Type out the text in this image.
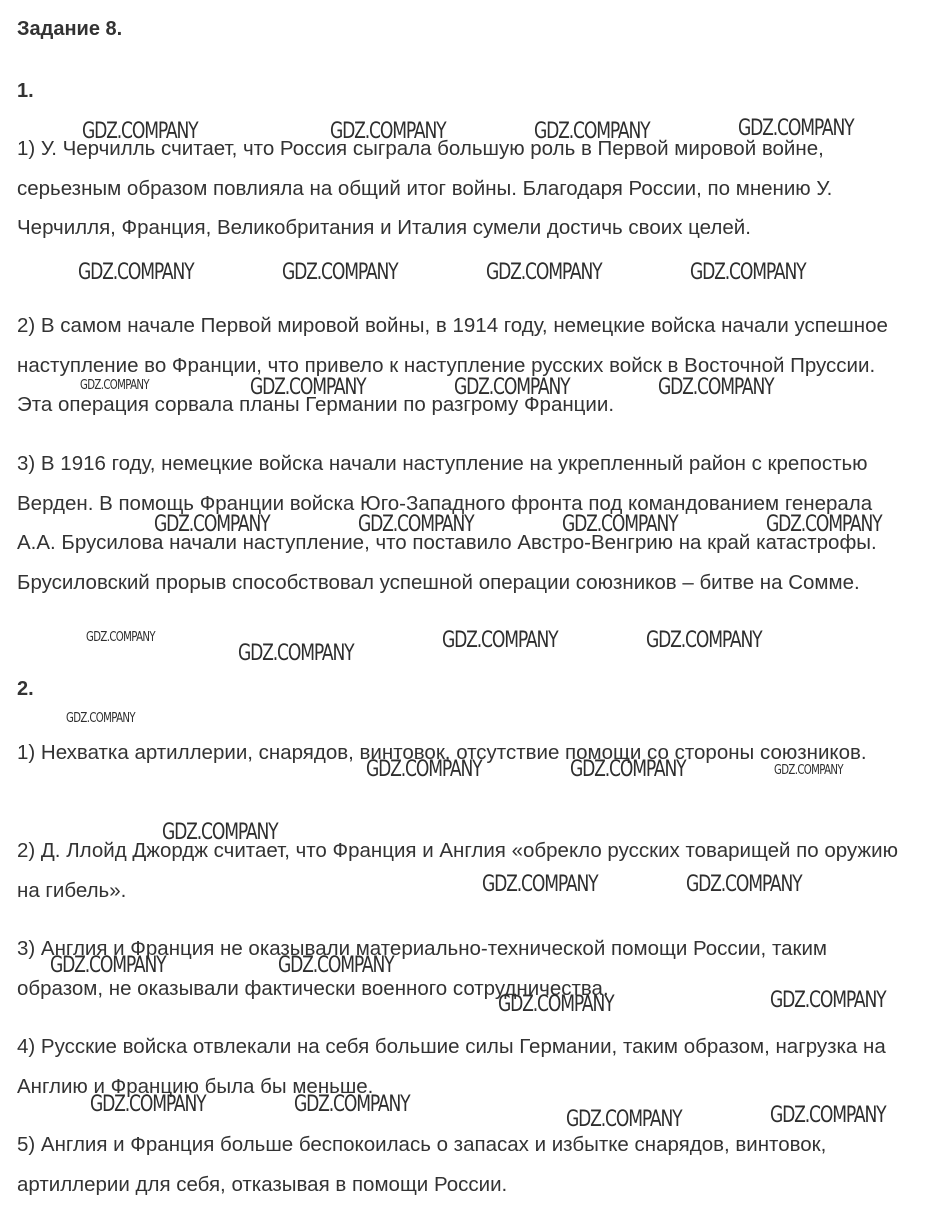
Задание 8.
1.

1) У. Черчилль считает, что Россия сыграла большую роль в Первой мировой войне, серьезным образом повлияла на общий итог войны. Благодаря России, по мнению У. Черчилля, Франция, Великобритания и Италия сумели достичь своих целей.

2) В самом начале Первой мировой войны, в 1914 году, немецкие войска начали успешное наступление во Франции, что привело к наступление русских войск в Восточной Пруссии. Эта операция сорвала планы Германии по разгрому Франции.

3) В 1916 году, немецкие войска начали наступление на укрепленный район с крепостью Верден. В помощь Франции войска Юго-Западного фронта под командованием генерала А.А. Брусилова начали наступление, что поставило Австро-Венгрию на край катастрофы. Брусиловский прорыв способствовал успешной операции союзников – битве на Сомме.

2.

1) Нехватка артиллерии, снарядов, винтовок, отсутствие помощи со стороны союзников.

2) Д. Ллойд Джордж считает, что Франция и Англия «обрекло русских товарищей по оружию на гибель».

3) Англия и Франция не оказывали материально-технической помощи России, таким образом, не оказывали фактически военного сотрудничества.

4) Русские войска отвлекали на себя большие силы Германии, таким образом, нагрузка на Англию и Францию была бы меньше.

5) Англия и Франция больше беспокоилась о запасах и избытке снарядов, винтовок, артиллерии для себя, отказывая в помощи России.

GDZ.COMPANY	GDZ.COMPANY	GDZ.COMPANY	GDZ.COMPANY
GDZ.COMPANY	GDZ.COMPANY	GDZ.COMPANY	GDZ.COMPANY
GDZ.COMPANY	GDZ.COMPANY	GDZ.COMPANY	GDZ.COMPANY
GDZ.COMPANY	GDZ.COMPANY	GDZ.COMPANY	GDZ.COMPANY
GDZ.COMPANY	GDZ.COMPANY	GDZ.COMPANY
GDZ.COMPANY
GDZ.COMPANY
GDZ.COMPANY	GDZ.COMPANY	GDZ.COMPANY
GDZ.COMPANY
GDZ.COMPANY	GDZ.COMPANY
GDZ.COMPANY	GDZ.COMPANY
GDZ.COMPANY	GDZ.COMPANY
GDZ.COMPANY	GDZ.COMPANY
GDZ.COMPANY	GDZ.COMPANY
